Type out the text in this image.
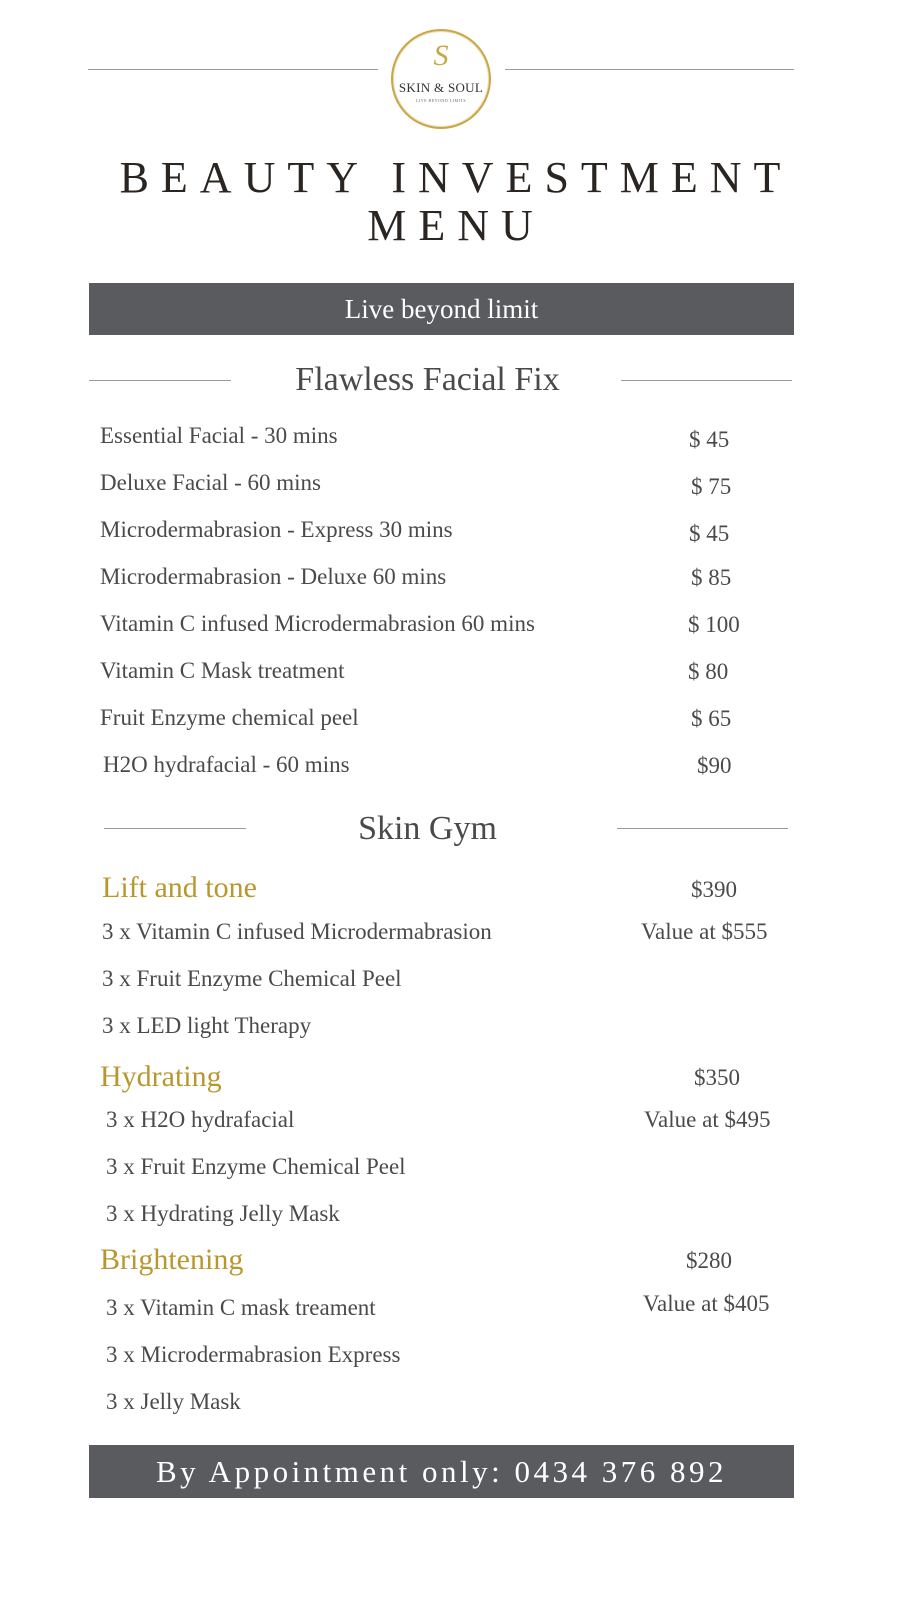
S
SKIN & SOUL
LIVE BEYOND LIMITS
BEAUTY INVESTMENT
MENU
Live beyond limit
Flawless Facial Fix
Essential Facial - 30 mins	$ 45
Deluxe Facial - 60 mins	$ 75
Microdermabrasion - Express 30 mins	$ 45
Microdermabrasion - Deluxe 60 mins	$ 85
Vitamin C infused Microdermabrasion 60 mins	$ 100
Vitamin C Mask treatment	$ 80
Fruit Enzyme chemical peel	$ 65
H2O hydrafacial - 60 mins	$90
Skin Gym
Lift and tone	$390
Value at $555
3 x Vitamin C infused Microdermabrasion
3 x Fruit Enzyme Chemical Peel
3 x LED light Therapy
Hydrating	$350
Value at $495
3 x H2O hydrafacial
3 x Fruit Enzyme Chemical Peel
3 x Hydrating Jelly Mask
Brightening	$280
Value at $405
3 x Vitamin C mask treament
3 x Microdermabrasion Express
3 x Jelly Mask
By Appointment only: 0434 376 892
